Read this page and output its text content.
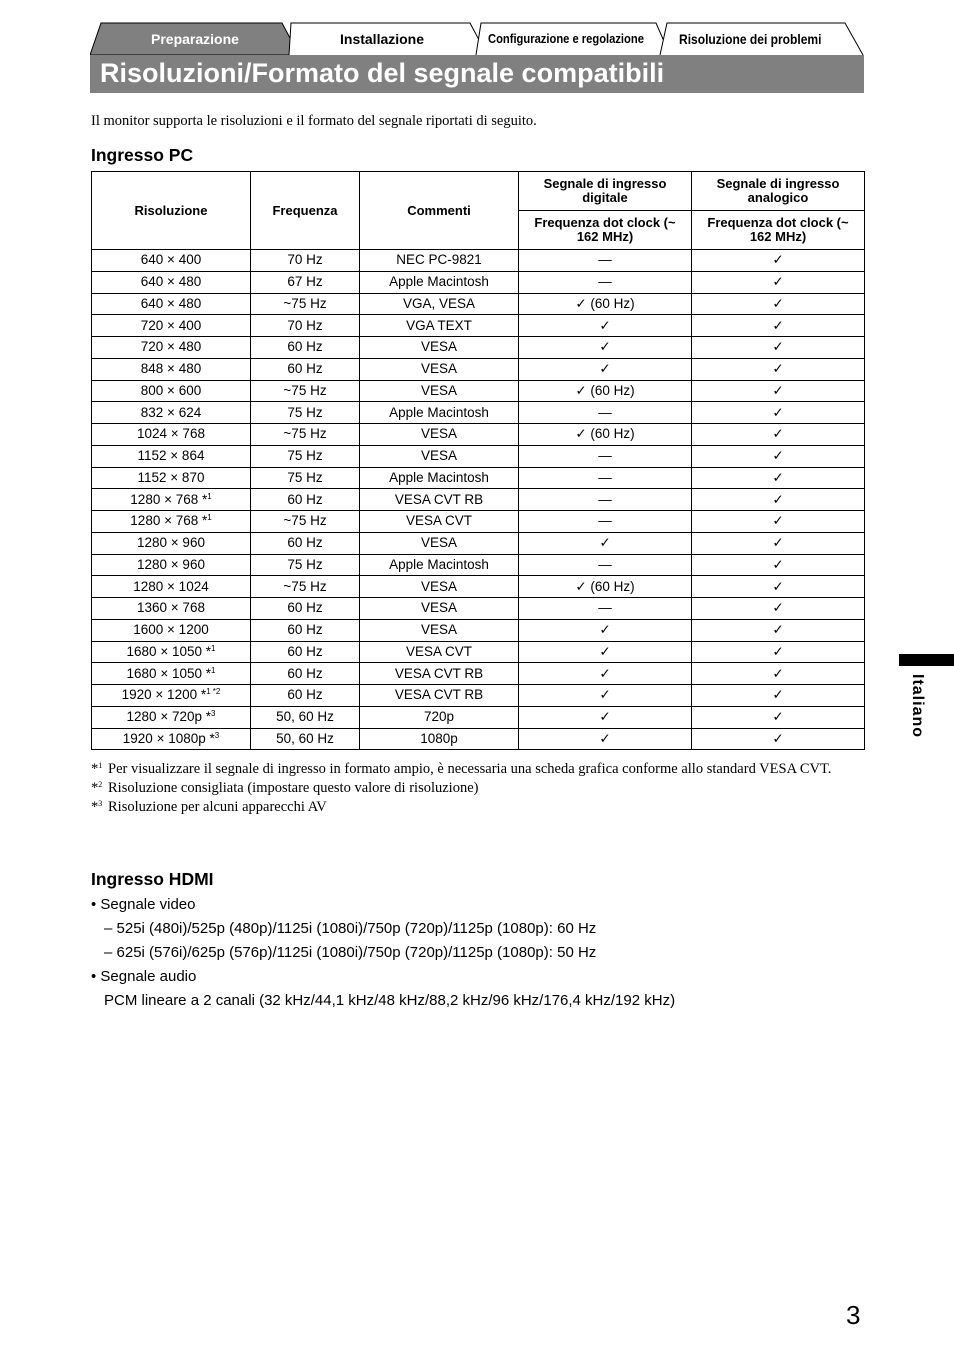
Preparazione	Installazione	Configurazione e regolazione	Risoluzione dei problemi
Risoluzioni/Formato del segnale compatibili
Il monitor supporta le risoluzioni e il formato del segnale riportati di seguito.
Ingresso PC
Risoluzione	Frequenza	Commenti	Segnale di ingresso digitale	Segnale di ingresso analogico

			Frequenza dot clock (~ 162 MHz)	Frequenza dot clock (~ 162 MHz)

640 × 400	70 Hz	NEC PC-9821	—	✓
640 × 480	67 Hz	Apple Macintosh	—	✓
640 × 480	~75 Hz	VGA, VESA	✓ (60 Hz)	✓
720 × 400	70 Hz	VGA TEXT	✓	✓
720 × 480	60 Hz	VESA	✓	✓
848 × 480	60 Hz	VESA	✓	✓
800 × 600	~75 Hz	VESA	✓ (60 Hz)	✓
832 × 624	75 Hz	Apple Macintosh	—	✓
1024 × 768	~75 Hz	VESA	✓ (60 Hz)	✓
1152 × 864	75 Hz	VESA	—	✓
1152 × 870	75 Hz	Apple Macintosh	—	✓
1280 × 768 *$^1$	60 Hz	VESA CVT RB	—	✓
1280 × 768 *$^1$	~75 Hz	VESA CVT	—	✓
1280 × 960	60 Hz	VESA	✓	✓
1280 × 960	75 Hz	Apple Macintosh	—	✓
1280 × 1024	~75 Hz	VESA	✓ (60 Hz)	✓
1360 × 768	60 Hz	VESA	—	✓
1600 × 1200	60 Hz	VESA	✓	✓
1680 × 1050 *$^1$	60 Hz	VESA CVT	✓	✓
1680 × 1050 *$^1$	60 Hz	VESA CVT RB	✓	✓
1920 × 1200 *$^{1 *2}$	60 Hz	VESA CVT RB	✓	✓
1280 × 720p *$^3$	50, 60 Hz	720p	✓	✓
1920 × 1080p *$^3$	50, 60 Hz	1080p	✓	✓
*$^1$ Per visualizzare il segnale di ingresso in formato ampio, è necessaria una scheda grafica conforme allo standard VESA CVT.
*$^2$ Risoluzione consigliata (impostare questo valore di risoluzione)
*$^3$ Risoluzione per alcuni apparecchi AV
Ingresso HDMI
• Segnale video
– 525i (480i)/525p (480p)/1125i (1080i)/750p (720p)/1125p (1080p): 60 Hz
– 625i (576i)/625p (576p)/1125i (1080i)/750p (720p)/1125p (1080p): 50 Hz
• Segnale audio
PCM lineare a 2 canali (32 kHz/44,1 kHz/48 kHz/88,2 kHz/96 kHz/176,4 kHz/192 kHz)
Italiano
3
